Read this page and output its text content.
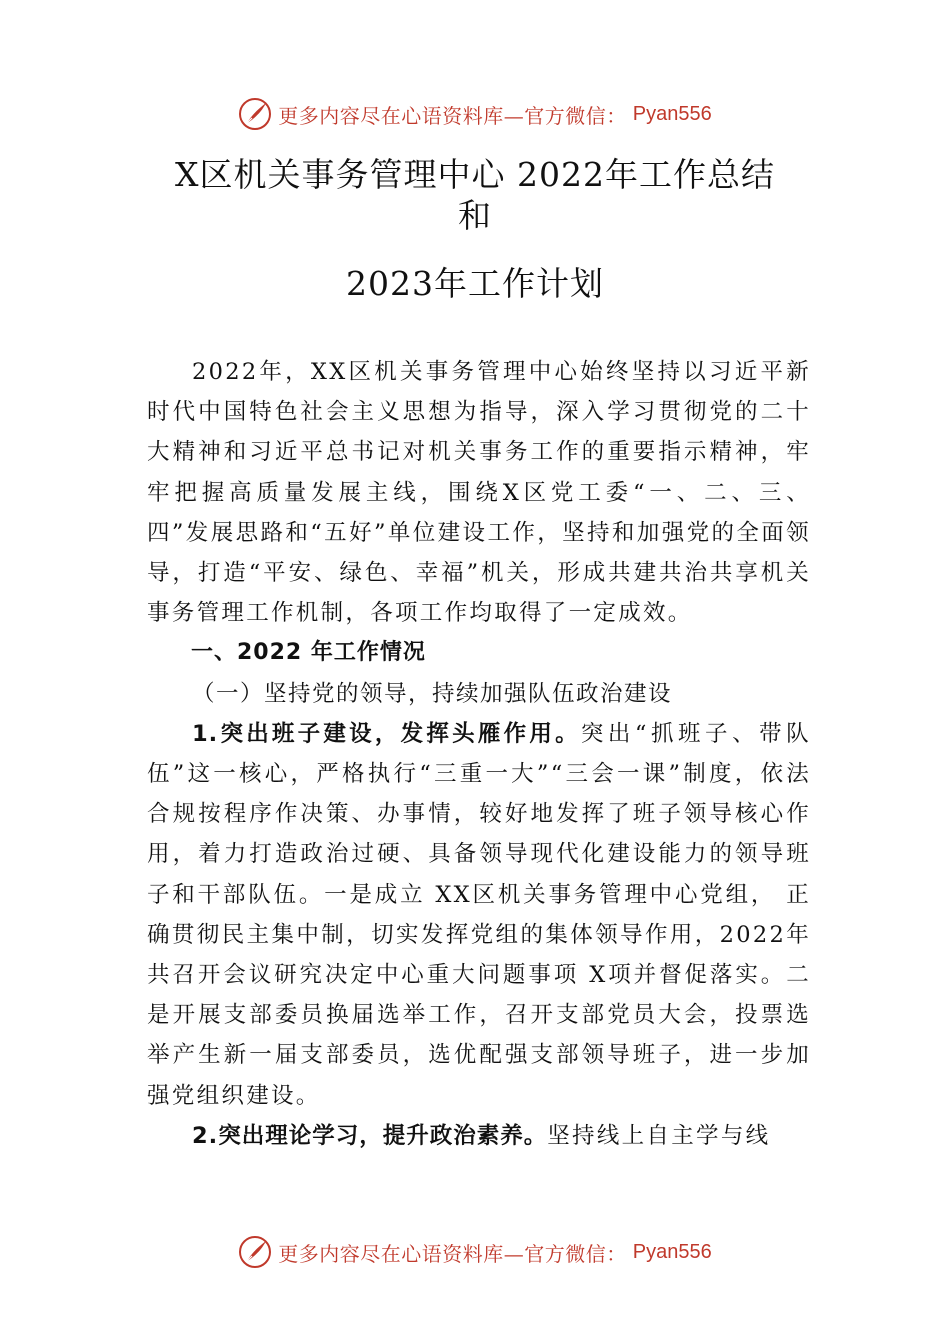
更多内容尽在心语资料库—官方微信： Pyan556
X区机关事务管理中心 2022年工作总结
和
2023年工作计划

2022年，XX区机关事务管理中心始终坚持以习近平新时代中国特色社会主义思想为指导，深入学习贯彻党的二十大精神和习近平总书记对机关事务工作的重要指示精神，牢牢把握高质量发展主线，围绕X区党工委“一、二、三、四”发展思路和“五好”单位建设工作，坚持和加强党的全面领导，打造“平安、绿色、幸福”机关，形成共建共治共享机关事务管理工作机制，各项工作均取得了一定成效。

一、2022 年工作情况

（一）坚持党的领导，持续加强队伍政治建设

1.突出班子建设，发挥头雁作用。突出“抓班子、带队伍”这一核心，严格执行“三重一大”“三会一课”制度，依法合规按程序作决策、办事情，较好地发挥了班子领导核心作用，着力打造政治过硬、具备领导现代化建设能力的领导班子和干部队伍。一是成立 XX区机关事务管理中心党组， 正确贯彻民主集中制，切实发挥党组的集体领导作用，2022年共召开会议研究决定中心重大问题事项 X项并督促落实。二是开展支部委员换届选举工作，召开支部党员大会，投票选举产生新一届支部委员，选优配强支部领导班子，进一步加强党组织建设。

2.突出理论学习，提升政治素养。坚持线上自主学与线

更多内容尽在心语资料库—官方微信： Pyan556
